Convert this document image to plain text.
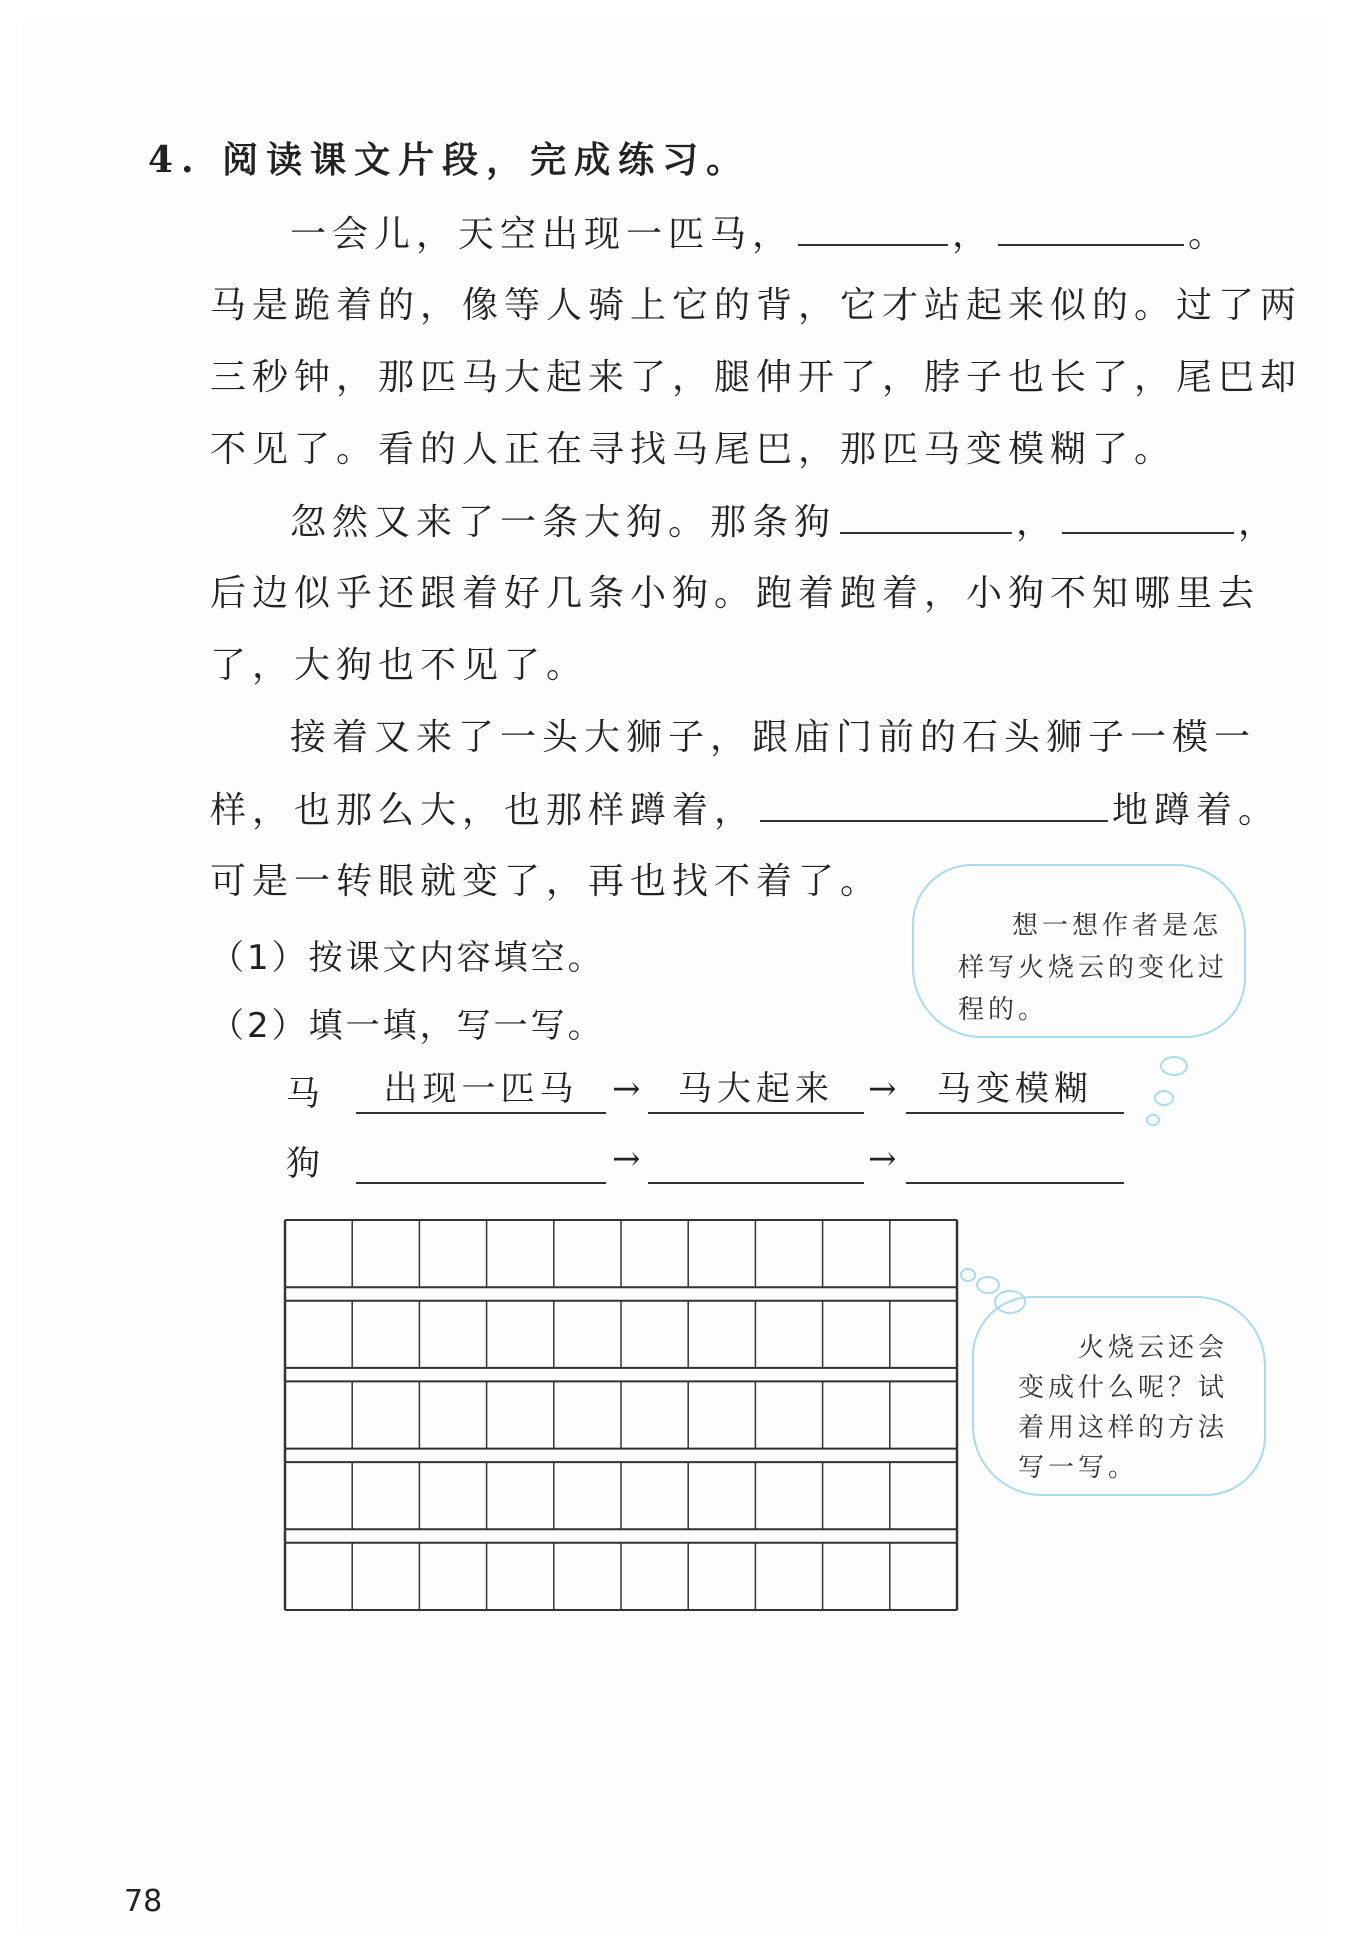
4. 阅读课文片段，完成练习。
一会儿，天空出现一匹马，	，	。
马是跪着的，像等人骑上它的背，它才站起来似的。过了两
三秒钟，那匹马大起来了，腿伸开了，脖子也长了，尾巴却
不见了。看的人正在寻找马尾巴，那匹马变模糊了。
忽然又来了一条大狗。那条狗	，	，
后边似乎还跟着好几条小狗。跑着跑着，小狗不知哪里去
了，大狗也不见了。
接着又来了一头大狮子，跟庙门前的石头狮子一模一
样，也那么大，也那样蹲着，	地蹲着。
可是一转眼就变了，再也找不着了。
（1）按课文内容填空。
（2）填一填，写一写。
马	出现一匹马 → 马大起来	→	马变模糊
狗	→	→
想一想作者是怎
样写火烧云的变化过
程的。
火烧云还会
变成什么呢？试
着用这样的方法
写一写。
78
